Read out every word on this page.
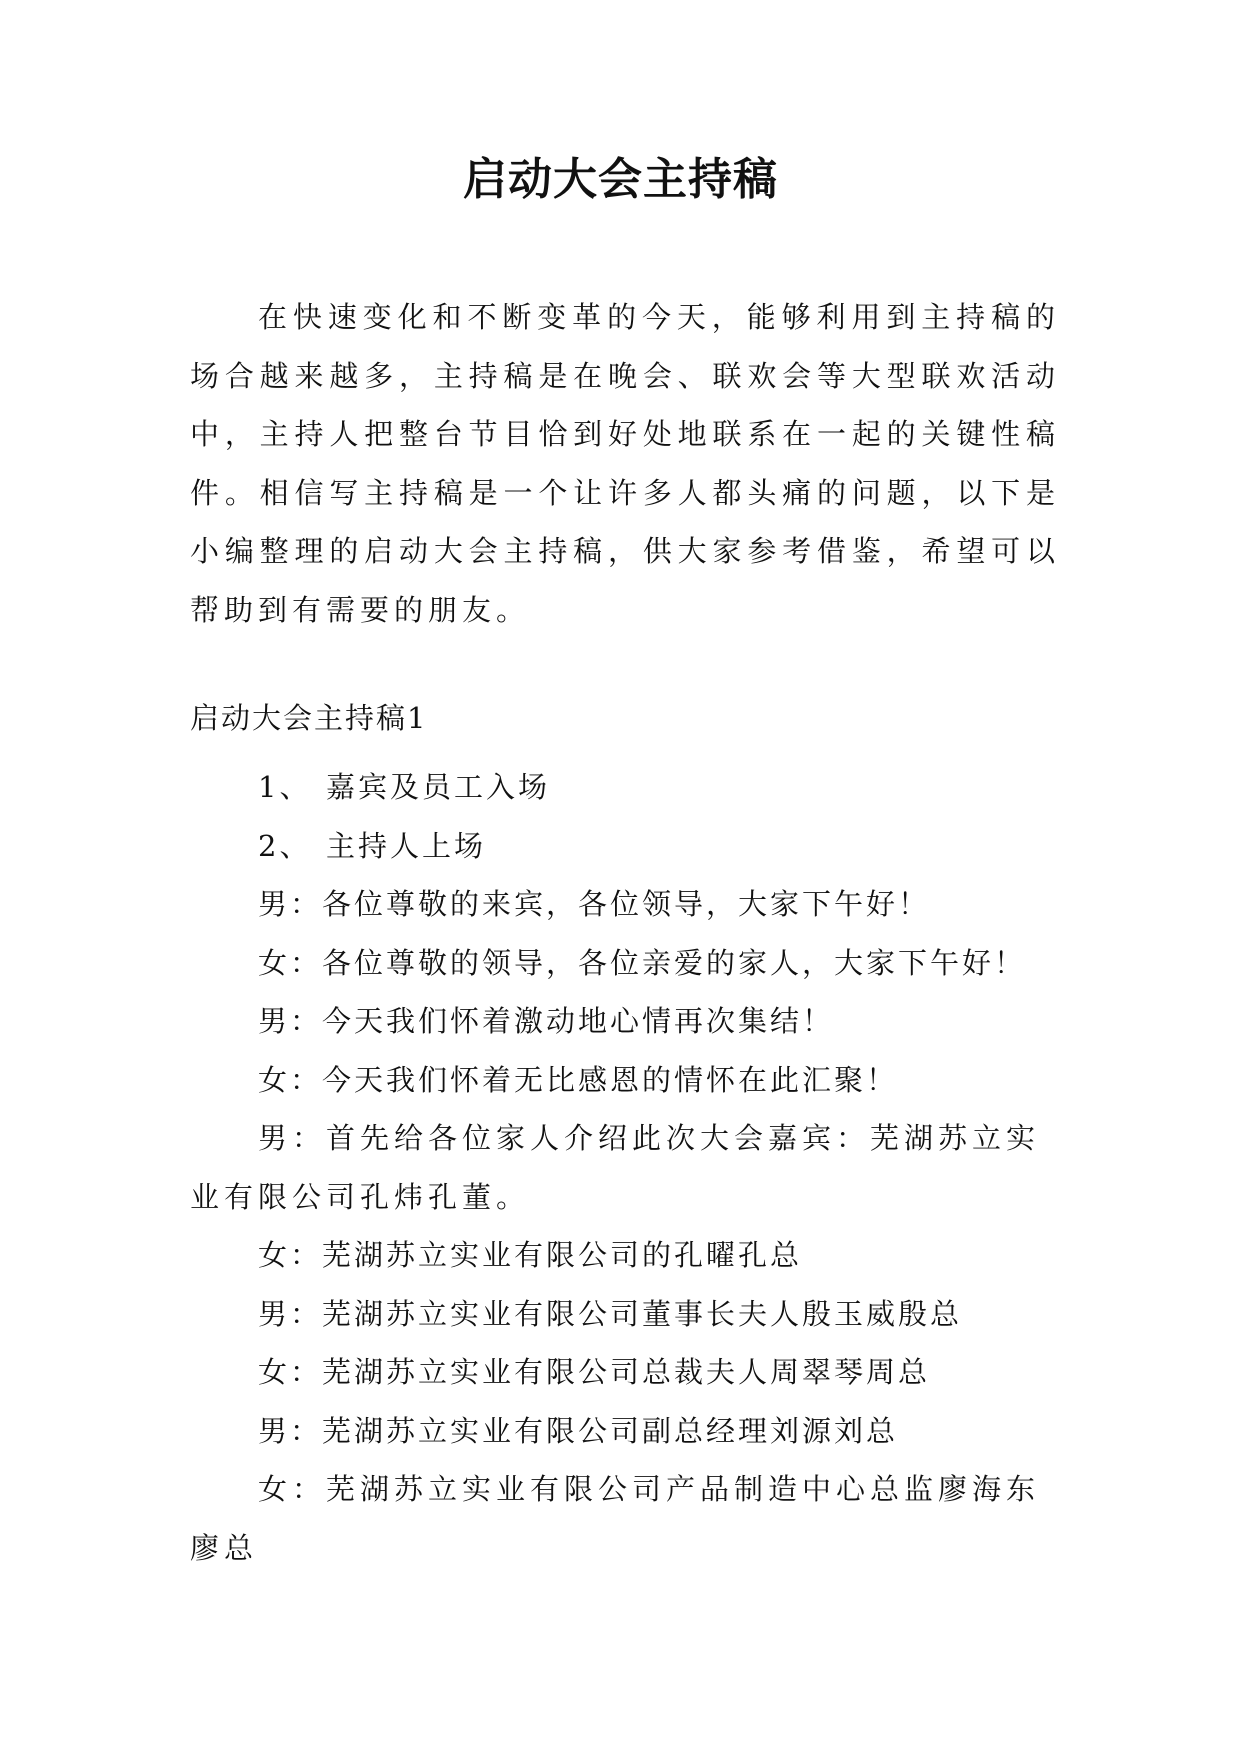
启动大会主持稿

在快速变化和不断变革的今天，能够利用到主持稿的场合越来越多，主持稿是在晚会、联欢会等大型联欢活动中，主持人把整台节目恰到好处地联系在一起的关键性稿件。相信写主持稿是一个让许多人都头痛的问题，以下是小编整理的启动大会主持稿，供大家参考借鉴，希望可以帮助到有需要的朋友。

启动大会主持稿1

1、 嘉宾及员工入场
2、 主持人上场
男：各位尊敬的来宾，各位领导，大家下午好！
女：各位尊敬的领导，各位亲爱的家人，大家下午好！
男：今天我们怀着激动地心情再次集结！
女：今天我们怀着无比感恩的情怀在此汇聚！
男：首先给各位家人介绍此次大会嘉宾：芜湖苏立实业有限公司孔炜孔董。
女：芜湖苏立实业有限公司的孔曜孔总
男：芜湖苏立实业有限公司董事长夫人殷玉威殷总
女：芜湖苏立实业有限公司总裁夫人周翠琴周总
男：芜湖苏立实业有限公司副总经理刘源刘总
女：芜湖苏立实业有限公司产品制造中心总监廖海东廖总
